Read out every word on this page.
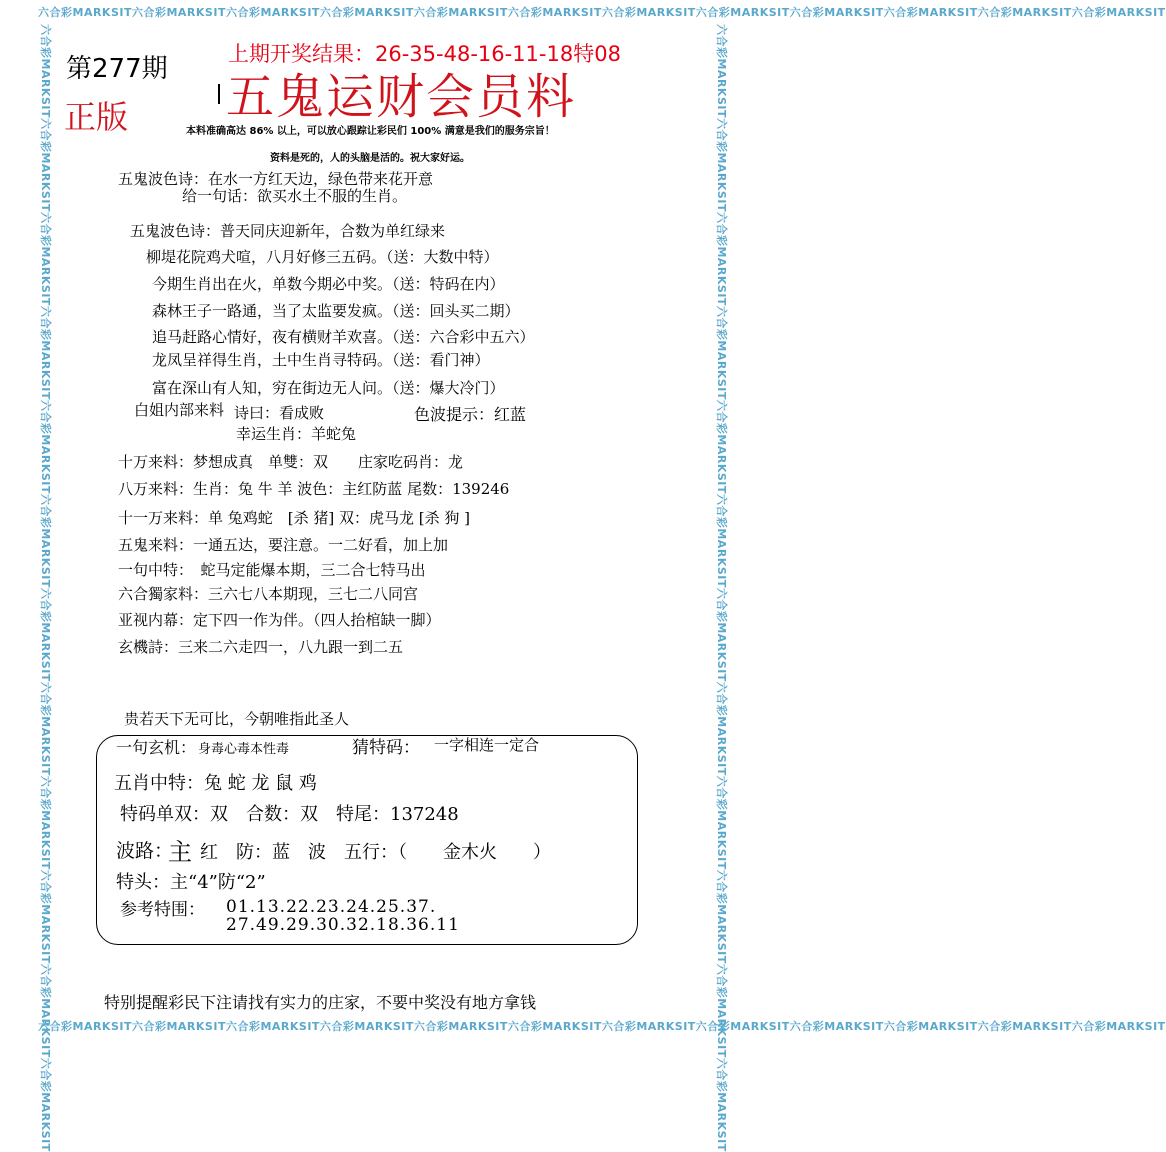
六合彩MARKSIT六合彩MARKSIT六合彩MARKSIT六合彩MARKSIT六合彩MARKSIT六合彩MARKSIT六合彩MARKSIT六合彩MARKSIT六合彩MARKSIT六合彩MARKSIT六合彩MARKSIT六合彩MARKSIT
六合彩MARKSIT六合彩MARKSIT六合彩MARKSIT六合彩MARKSIT六合彩MARKSIT六合彩MARKSIT六合彩MARKSIT六合彩MARKSIT六合彩MARKSIT六合彩MARKSIT六合彩MARKSIT六合彩MARKSIT
六合彩MARKSIT六合彩MARKSIT六合彩MARKSIT六合彩MARKSIT六合彩MARKSIT六合彩MARKSIT六合彩MARKSIT六合彩MARKSIT六合彩MARKSIT六合彩MARKSIT六合彩MARKSIT六合彩MARKSIT	六合彩MARKSIT六合彩MARKSIT六合彩MARKSIT六合彩MARKSIT六合彩MARKSIT六合彩MARKSIT六合彩MARKSIT六合彩MARKSIT六合彩MARKSIT六合彩MARKSIT六合彩MARKSIT六合彩MARKSIT
第277期
正版
上期开奖结果：26-35-48-16-11-18特08
五鬼运财会员料
本料准确高达 86% 以上，可以放心跟踪让彩民们 100% 满意是我们的服务宗旨！
资料是死的，人的头脑是活的。祝大家好运。
五鬼波色诗：在水一方红天边，绿色带来花开意
给一句话：欲买水土不服的生肖。
五鬼波色诗：普天同庆迎新年，合数为单红绿来
柳堤花院鸡犬喧，八月好修三五码。（送：大数中特）
今期生肖出在火，单数今期必中奖。（送：特码在内）
森林王子一路通，当了太监要发疯。（送：回头买二期）
追马赶路心情好，夜有横财羊欢喜。（送：六合彩中五六）
龙凤呈祥得生肖，土中生肖寻特码。（送：看门神）
富在深山有人知，穷在街边无人问。（送：爆大冷门）
白姐内部来料 诗曰：看成败	色波提示：红蓝
幸运生肖：羊蛇兔
十万来料：梦想成真　单雙：双　　庄家吃码肖：龙
八万来料：生肖：兔 牛 羊 波色：主红防蓝 尾数：139246
十一万来料：单 兔鸡蛇　[杀 猪] 双：虎马龙 [杀 狗 ]
五鬼来料：一通五达，要注意。一二好看，加上加
一句中特：　蛇马定能爆本期，三二合七特马出
六合獨家料：三六七八本期现，三七二八同宫
亚视内幕：定下四一作为伴。（四人抬棺缺一脚）
玄機詩：三来二六走四一，八九跟一到二五
贵若天下无可比，今朝唯指此圣人
一句玄机： 身毒心毒本性毒	猜特码： 一字相连一定合
五肖中特：兔 蛇 龙 鼠 鸡
特码单双：双　合数：双　特尾：137248
波路：
主 红　防：蓝　波　五行：（　　金木火　　）
特头：主“4”防“2”
参考特围： 01.13.22.23.24.25.37.
27.49.29.30.32.18.36.11
特别提醒彩民下注请找有实力的庄家，不要中奖没有地方拿钱
